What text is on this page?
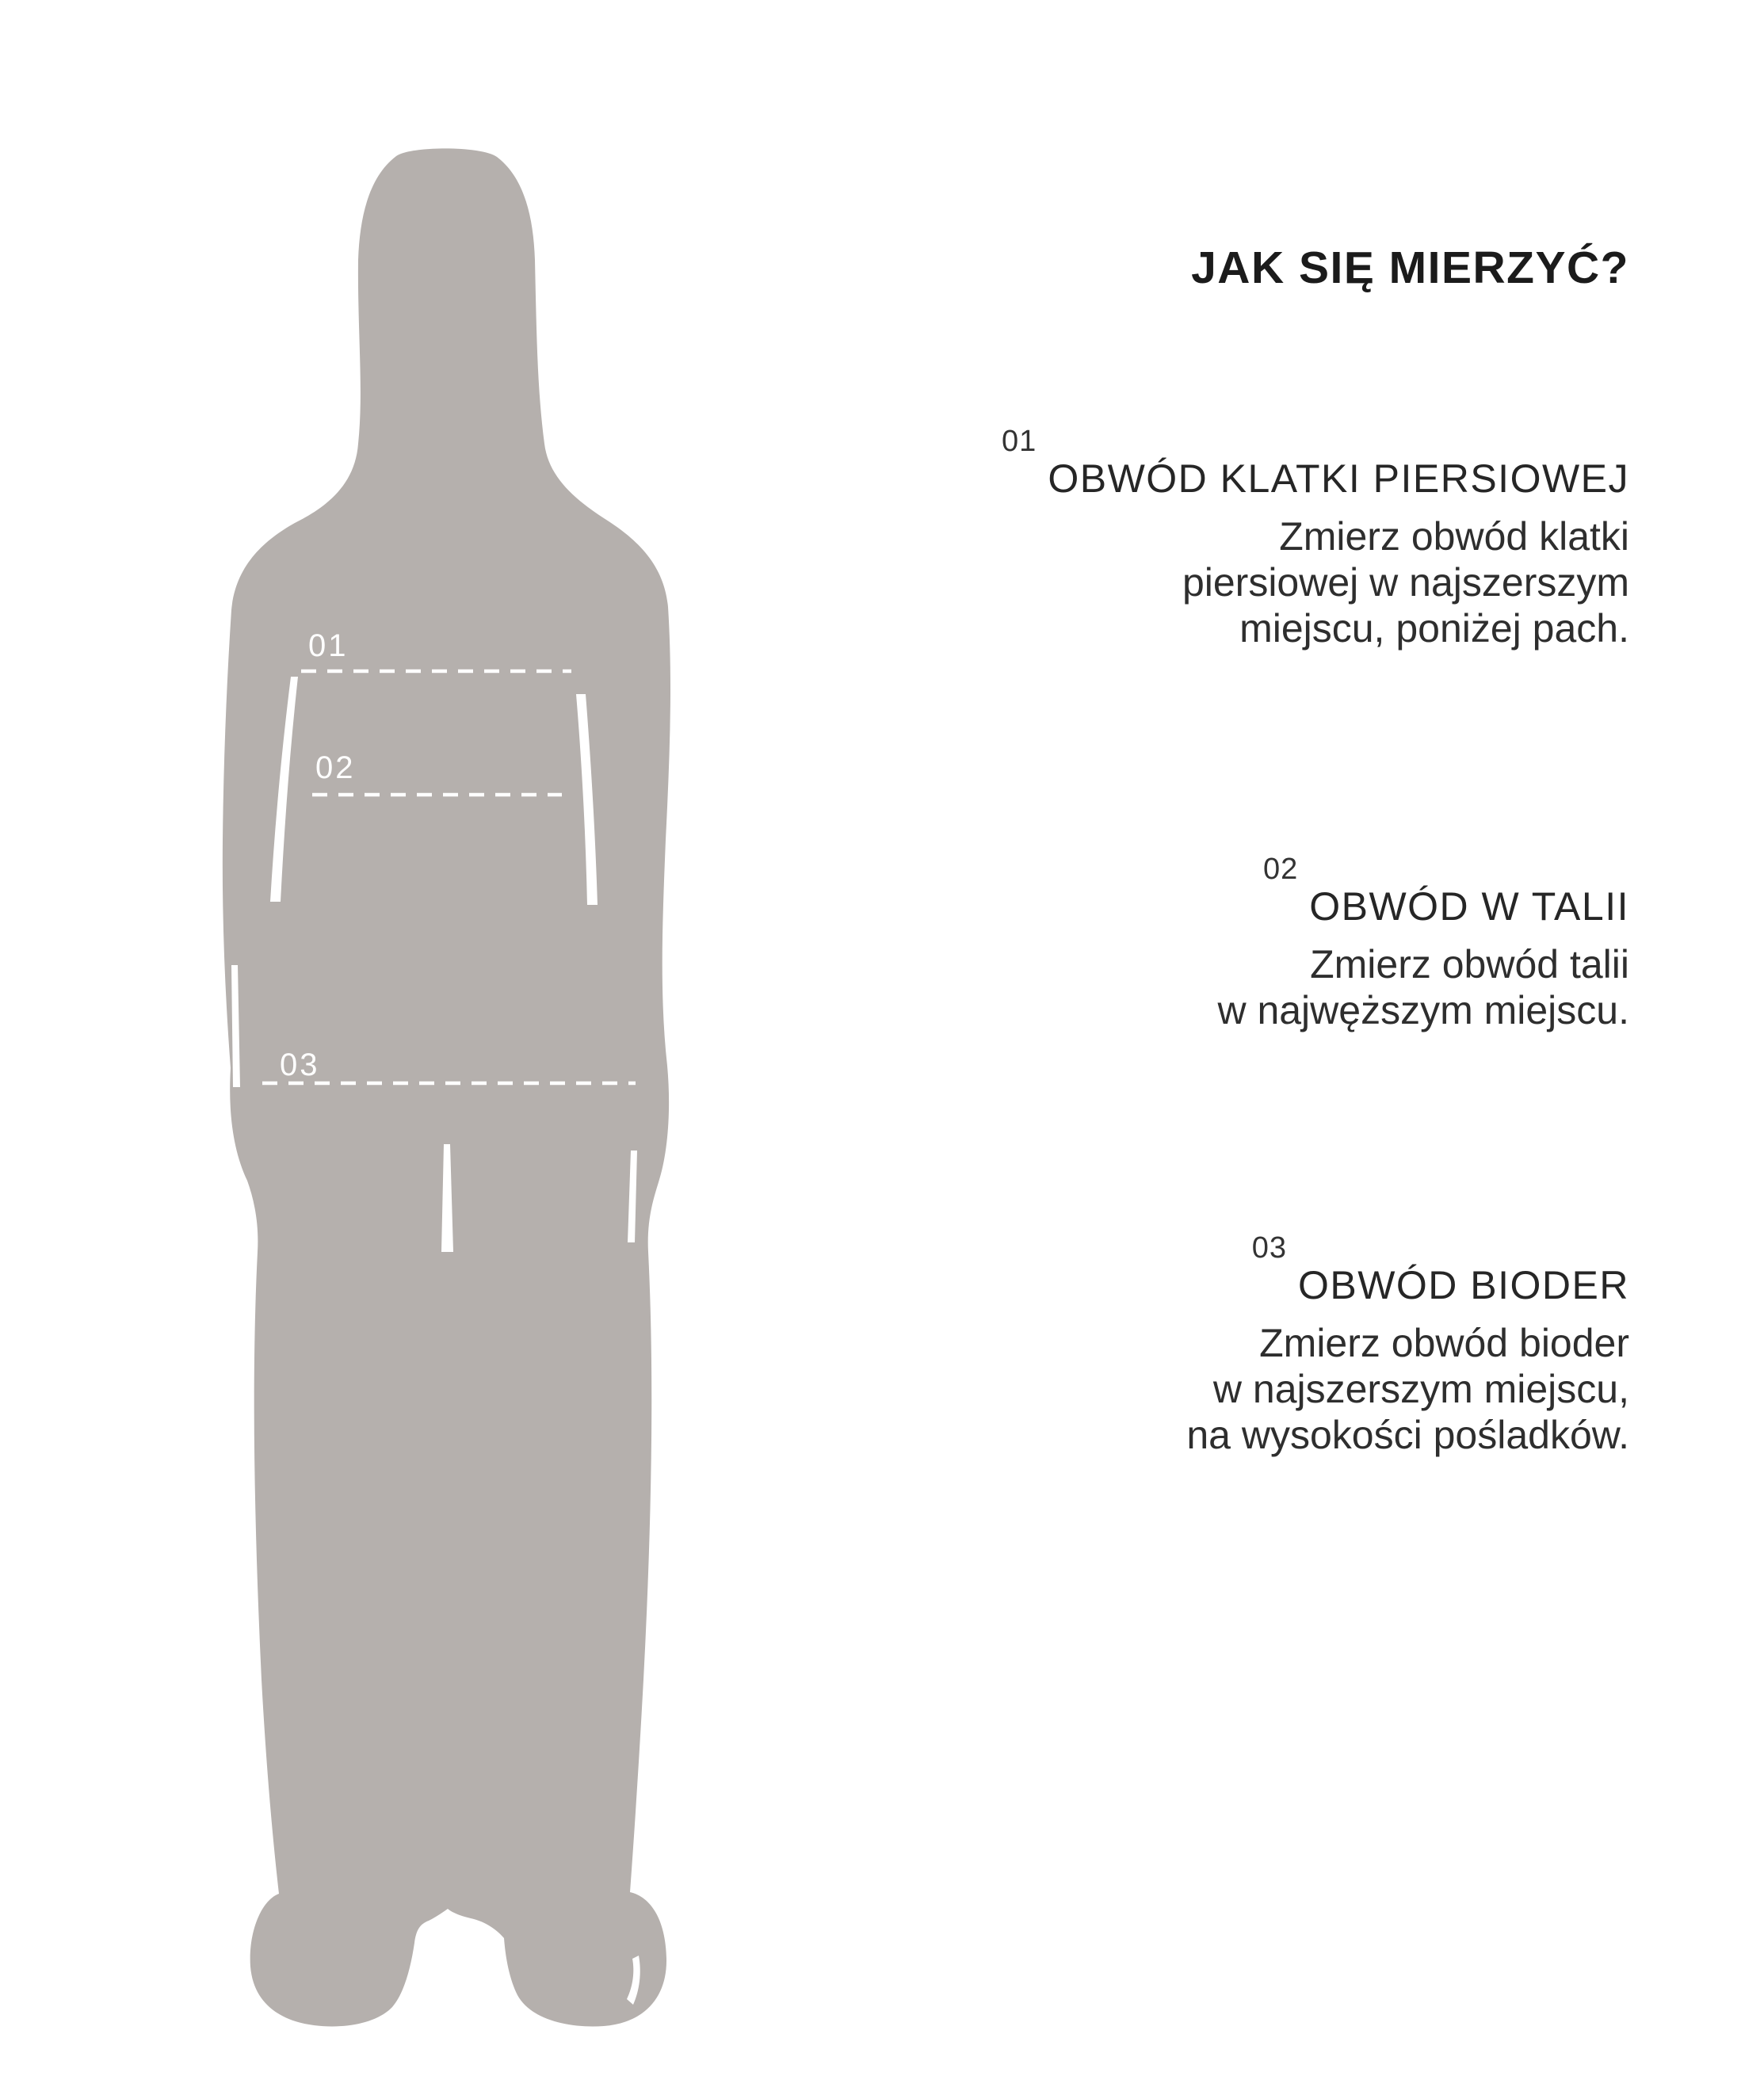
01
02
03
JAK SIĘ MIERZYĆ?
01OBWÓD KLATKI PIERSIOWEJ
Zmierz obwód klatki
piersiowej w najszerszym
miejscu, poniżej pach.
02OBWÓD W TALII
Zmierz obwód talii
w najwęższym miejscu.
03OBWÓD BIODER
Zmierz obwód bioder
w najszerszym miejscu,
na wysokości pośladków.
